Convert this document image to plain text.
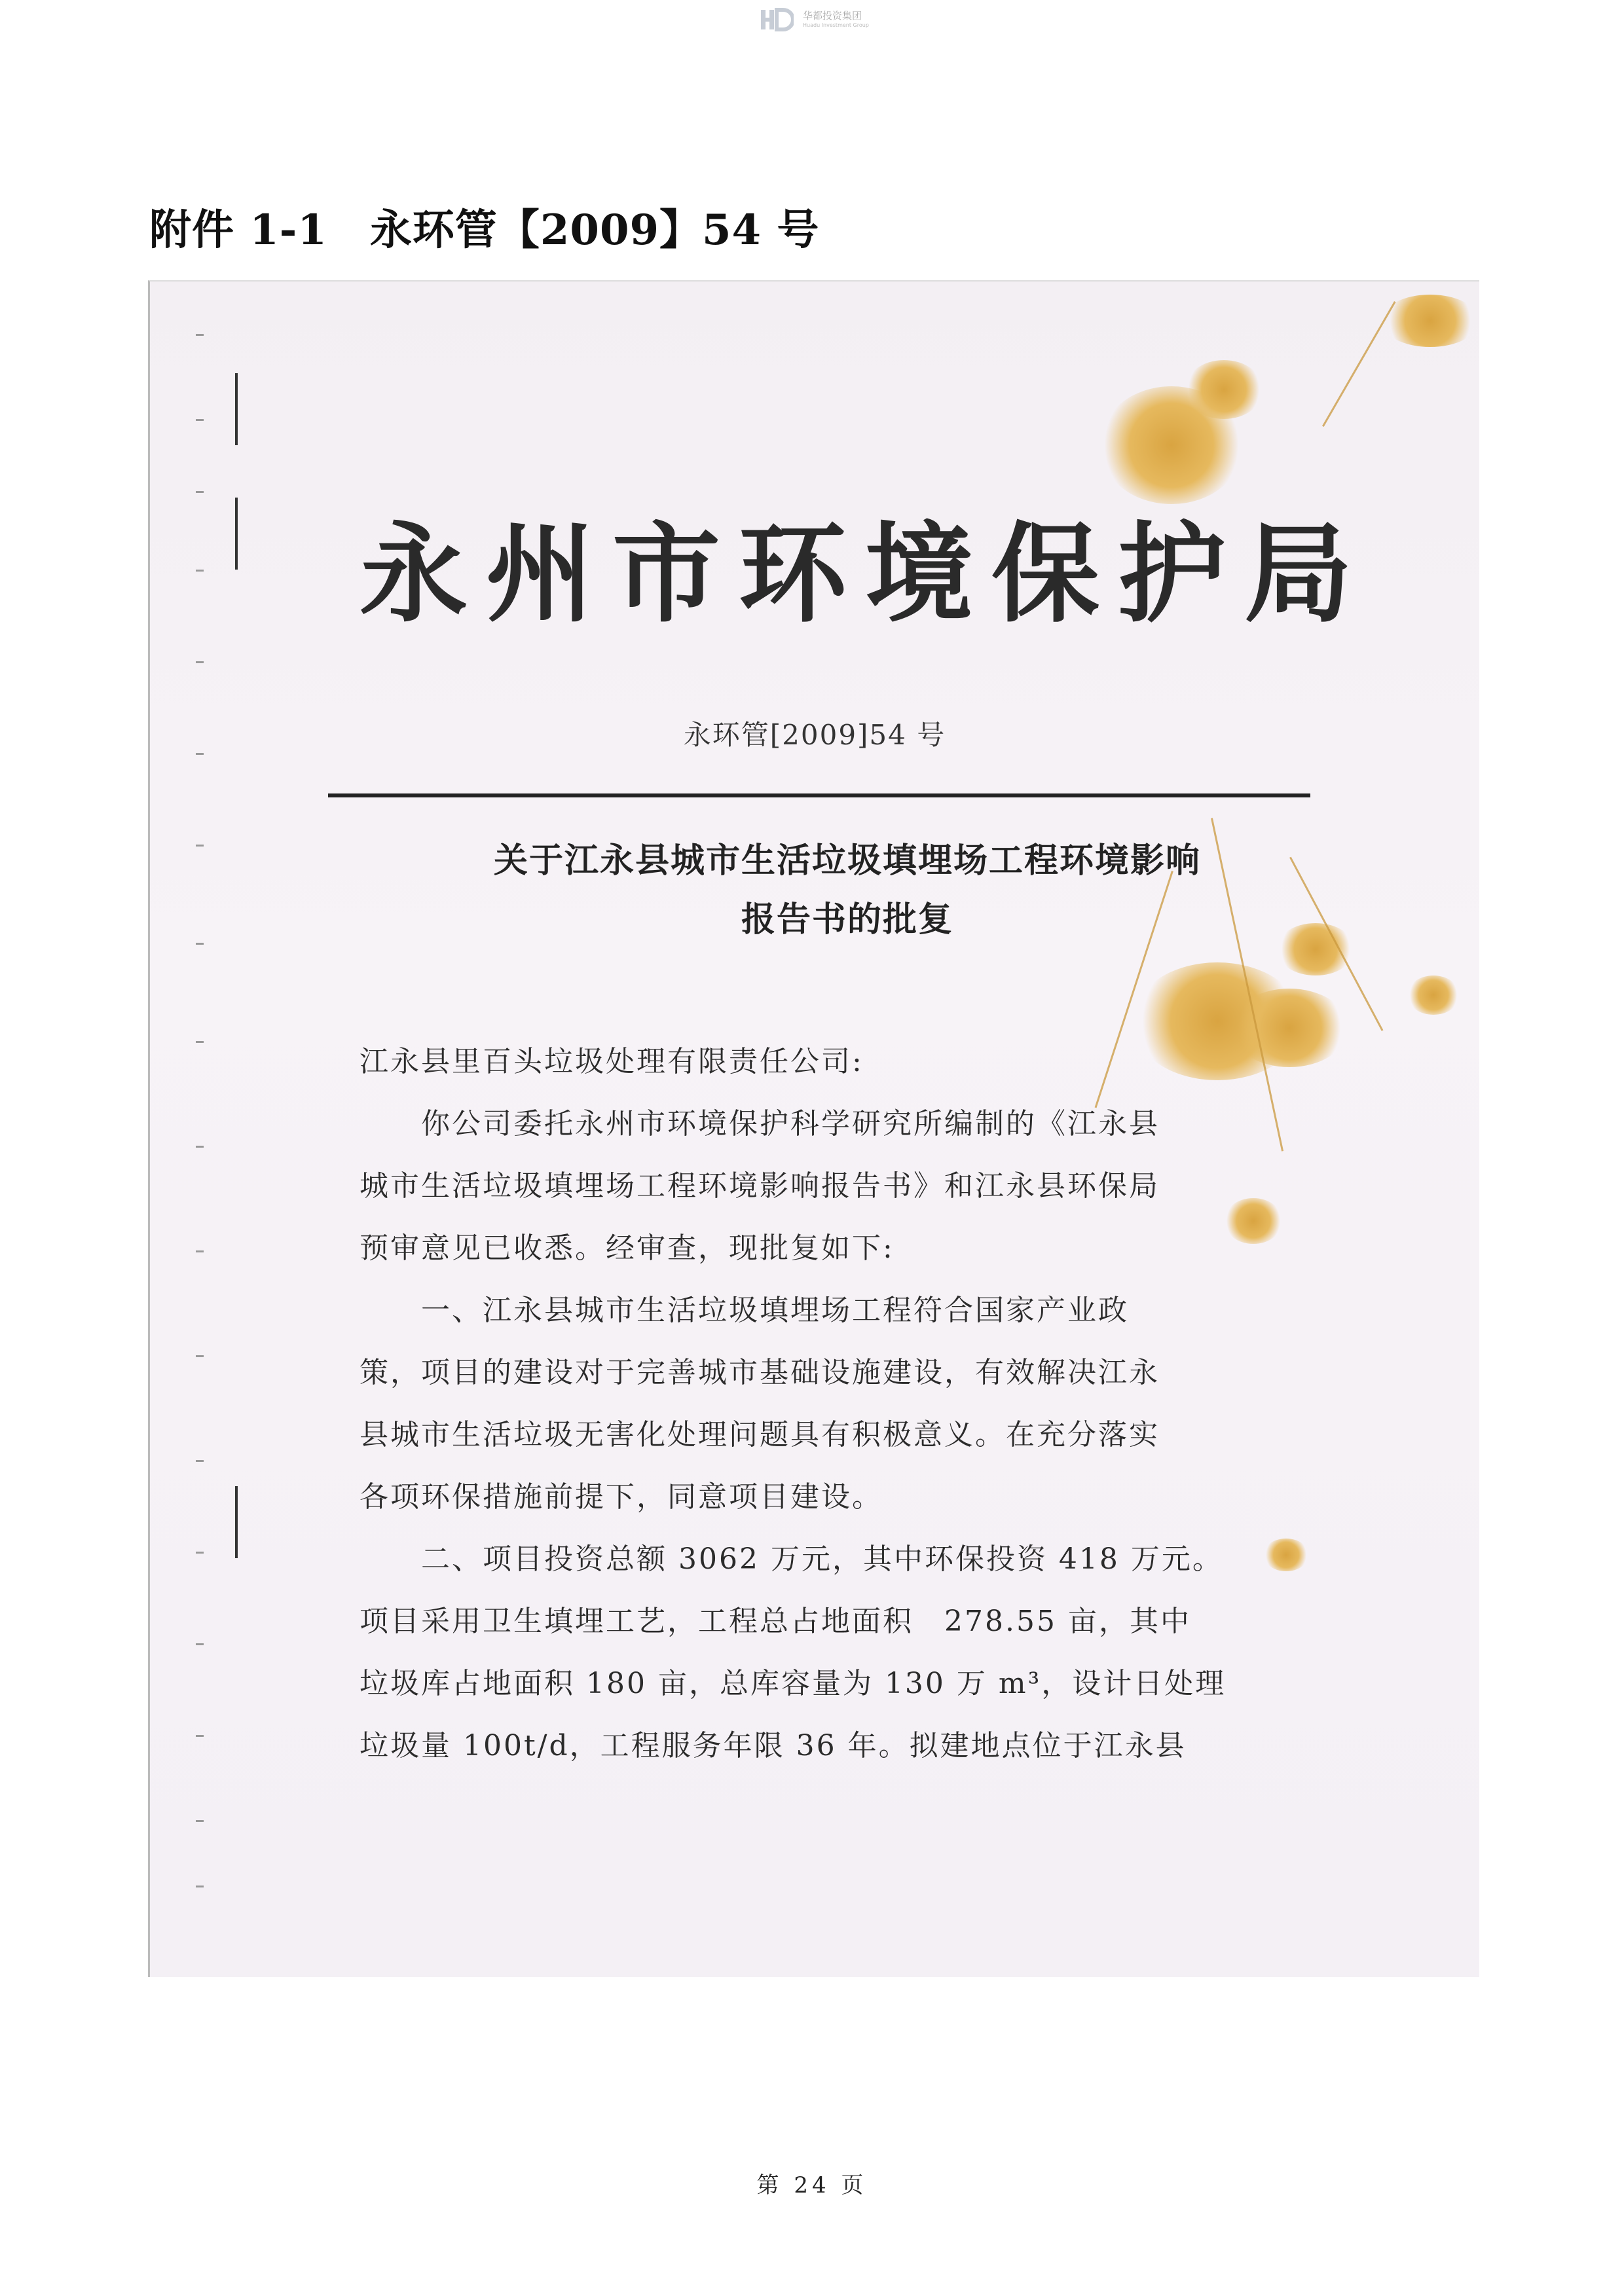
华都投资集团
Huadu Investment Group
附件 1-1　永环管【2009】54 号
永州市环境保护局
永环管[2009]54 号
关于江永县城市生活垃圾填埋场工程环境影响
报告书的批复
江永县里百头垃圾处理有限责任公司:
　　你公司委托永州市环境保护科学研究所编制的《江永县
城市生活垃圾填埋场工程环境影响报告书》和江永县环保局
预审意见已收悉。经审查，现批复如下:
　　一、江永县城市生活垃圾填埋场工程符合国家产业政
策，项目的建设对于完善城市基础设施建设，有效解决江永
县城市生活垃圾无害化处理问题具有积极意义。在充分落实
各项环保措施前提下，同意项目建设。
　　二、项目投资总额 3062 万元，其中环保投资 418 万元。
项目采用卫生填埋工艺，工程总占地面积　278.55 亩，其中
垃圾库占地面积 180 亩，总库容量为 130 万 m³，设计日处理
垃圾量 100t/d，工程服务年限 36 年。拟建地点位于江永县
第 24 页
